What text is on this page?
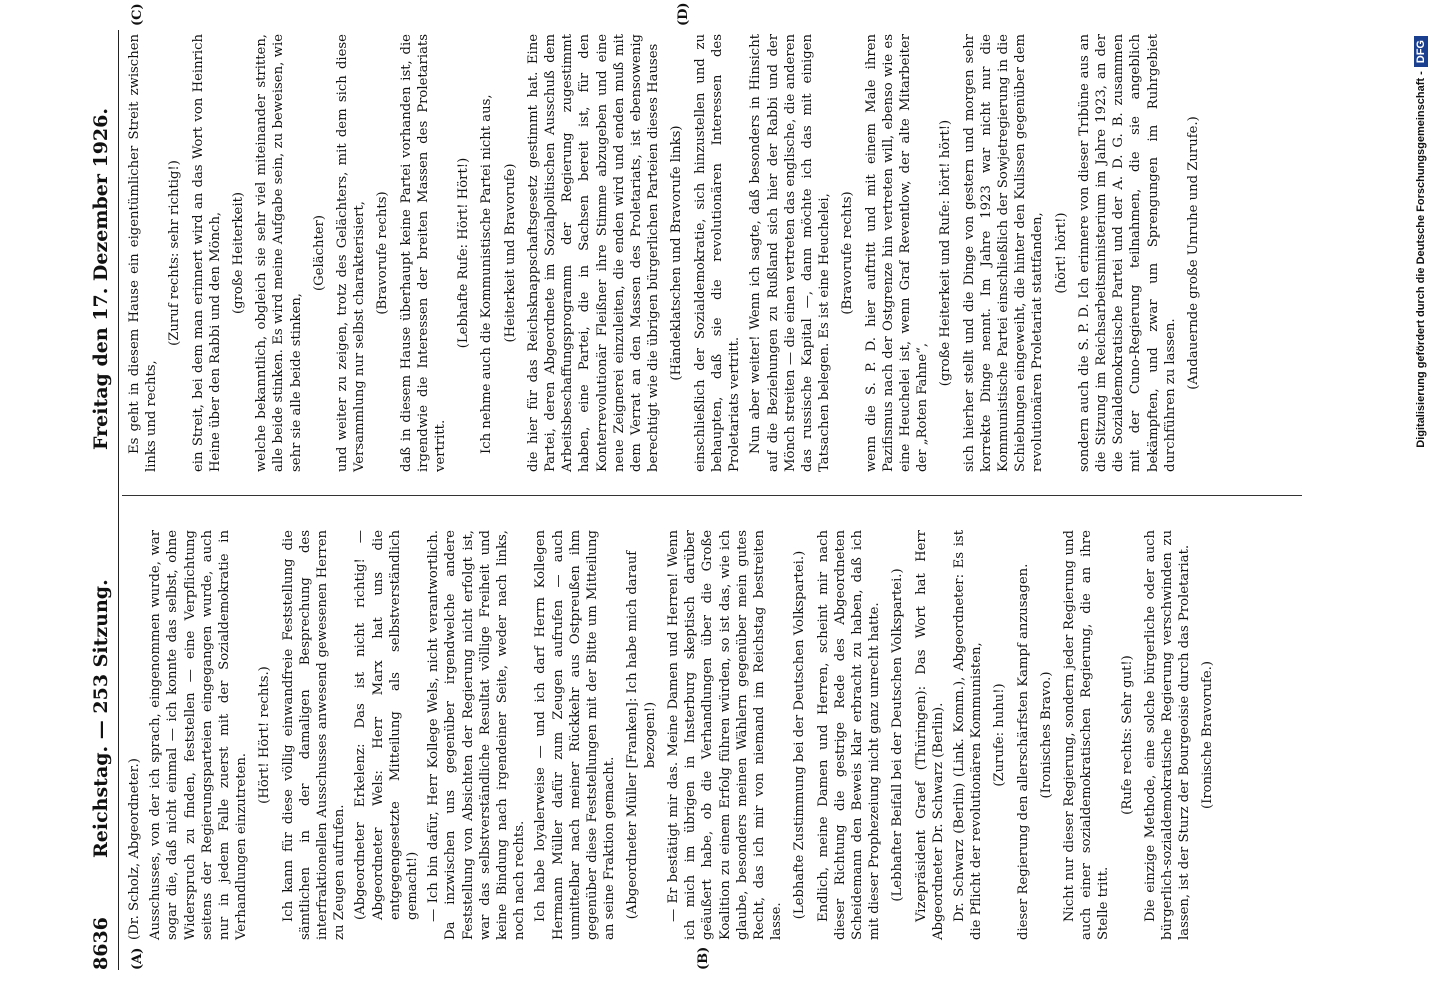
8636
Reichstag. — 253 Sitzung.
Freitag den 17. Dezember 1926.
(A)	(B)
(C)	(D)

(Dr. Scholz, Abgeordneter.) Ausschusses, von der ich sprach, eingenommen wurde, war sogar die, daß nicht einmal — ich konnte das selbst, ohne Widerspruch zu finden, feststellen — eine Verpflichtung seitens der Regierungsparteien eingegangen wurde, auch nur in jedem Falle zuerst mit der Sozialdemokratie in Verhandlungen einzutreten.

(Hört! Hört! rechts.) Ich kann für diese völlig einwandfreie Feststellung die sämtlichen in der damaligen Besprechung des interfraktionellen Ausschusses anwesend gewesenen Herren zu Zeugen aufrufen. (Abgeordneter Erkelenz: Das ist nicht richtig! — Abgeordneter Wels: Herr Marx hat uns die entgegengesetzte Mitteilung als selbstverständlich gemacht!) — Ich bin dafür, Herr Kollege Wels, nicht verantwortlich. Da inzwischen uns gegenüber irgendwelche andere Feststellung von Absichten der Regierung nicht erfolgt ist, war das selbstverständliche Resultat völlige Freiheit und keine Bindung nach irgendeiner Seite, weder nach links, noch nach rechts. Ich habe loyalerweise — und ich darf Herrn Kollegen Hermann Müller dafür zum Zeugen aufrufen — auch unmittelbar nach meiner Rückkehr aus Ostpreußen ihm gegenüber diese Feststellungen mit der Bitte um Mitteilung an seine Fraktion gemacht. (Abgeordneter Müller [Franken]: Ich habe mich darauf bezogen!) — Er bestätigt mir das. Meine Damen und Herren! Wenn ich mich im übrigen in Insterburg skeptisch darüber geäußert habe, ob die Verhandlungen über die Große Koalition zu einem Erfolg führen würden, so ist das, wie ich glaube, besonders meinen Wählern gegenüber mein gutes Recht, das ich mir von niemand im Reichstag bestreiten lasse.

(Lebhafte Zustimmung bei der Deutschen Volkspartei.) Endlich, meine Damen und Herren, scheint mir nach dieser Richtung die gestrige Rede des Abgeordneten Scheidemann den Beweis klar erbracht zu haben, daß ich mit dieser Prophezeiung nicht ganz unrecht hatte. (Lebhafter Beifall bei der Deutschen Volkspartei.) Vizepräsident Graef (Thüringen): Das Wort hat Herr Abgeordneter Dr. Schwarz (Berlin). Dr. Schwarz (Berlin) (Link. Komm.), Abgeordneter: Es ist die Pflicht der revolutionären Kommunisten, (Zurufe: huhu!) dieser Regierung den allerschärfsten Kampf anzusagen. (Ironisches Bravo.) Nicht nur dieser Regierung, sondern jeder Regierung und auch einer sozialdemokratischen Regierung, die an ihre Stelle tritt.

(Rufe rechts: Sehr gut!) Die einzige Methode, eine solche bürgerliche oder auch bürgerlich-sozialdemokratische Regierung verschwinden zu lassen, ist der Sturz der Bourgeoisie durch das Proletariat. (Ironische Bravorufe.)

Es geht in diesem Hause ein eigentümlicher Streit zwischen links und rechts,

(Zuruf rechts: sehr richtig!) ein Streit, bei dem man erinnert wird an das Wort von Heinrich Heine über den Rabbi und den Mönch, (große Heiterkeit) welche bekanntlich, obgleich sie sehr viel miteinander stritten, alle beide stinken. Es wird meine Aufgabe sein, zu beweisen, wie sehr sie alle beide stinken,

(Gelächter) und weiter zu zeigen, trotz des Gelächters, mit dem sich diese Versammlung nur selbst charakterisiert, (Bravorufe rechts) daß in diesem Hause überhaupt keine Partei vorhanden ist, die irgendwie die Interessen der breiten Massen des Proletariats vertritt.

(Lebhafte Rufe: Hört! Hört!) Ich nehme auch die Kommunistische Partei nicht aus, (Heiterkeit und Bravorufe) die hier für das Reichsknappschaftsgesetz gestimmt hat. Eine Partei, deren Abgeordnete im Sozialpolitischen Ausschuß dem Arbeitsbeschaffungsprogramm der Regierung zugestimmt haben, eine Partei, die in Sachsen bereit ist, für den Konterrevolutionär Fleißner ihre Stimme abzugeben und eine neue Zeignerei einzuleiten, die enden wird und enden muß mit dem Verrat an den Massen des Proletariats, ist ebensowenig berechtigt wie die übrigen bürgerlichen Parteien dieses Hauses (Händeklatschen und Bravorufe links) einschließlich der Sozialdemokratie, sich hinzustellen und zu behaupten, daß sie die revolutionären Interessen des Proletariats vertritt. Nun aber weiter! Wenn ich sagte, daß besonders in Hinsicht auf die Beziehungen zu Rußland sich hier der Rabbi und der Mönch streiten — die einen vertreten das englische, die anderen das russische Kapital —, dann möchte ich das mit einigen Tatsachen belegen. Es ist eine Heuchelei, (Bravorufe rechts) wenn die S. P. D. hier auftritt und mit einem Male ihren Pazifismus nach der Ostgrenze hin vertreten will, ebenso wie es eine Heuchelei ist, wenn Graf Reventlow, der alte Mitarbeiter der „Roten Fahne“,

(große Heiterkeit und Rufe: hört! hört!) sich hierher stellt und die Dinge von gestern und morgen sehr korrekte Dinge nennt. Im Jahre 1923 war nicht nur die Kommunistische Partei einschließlich der Sowjetregierung in die Schiebungen eingeweiht, die hinter den Kulissen gegenüber dem revolutionären Proletariat stattfanden, (hört! hört!) sondern auch die S. P. D. Ich erinnere von dieser Tribüne aus an die Sitzung im Reichsarbeitsministerium im Jahre 1923, an der die Sozialdemokratische Partei und der A. D. G. B. zusammen mit der Cuno-Regierung teilnahmen, die sie angeblich bekämpften, und zwar um Sprengungen im Ruhrgebiet durchführen zu lassen.

(Andauernde große Unruhe und Zurufe.)	Digitalisierung gefördert durch die Deutsche Forschungsgemeinschaft -DFG
